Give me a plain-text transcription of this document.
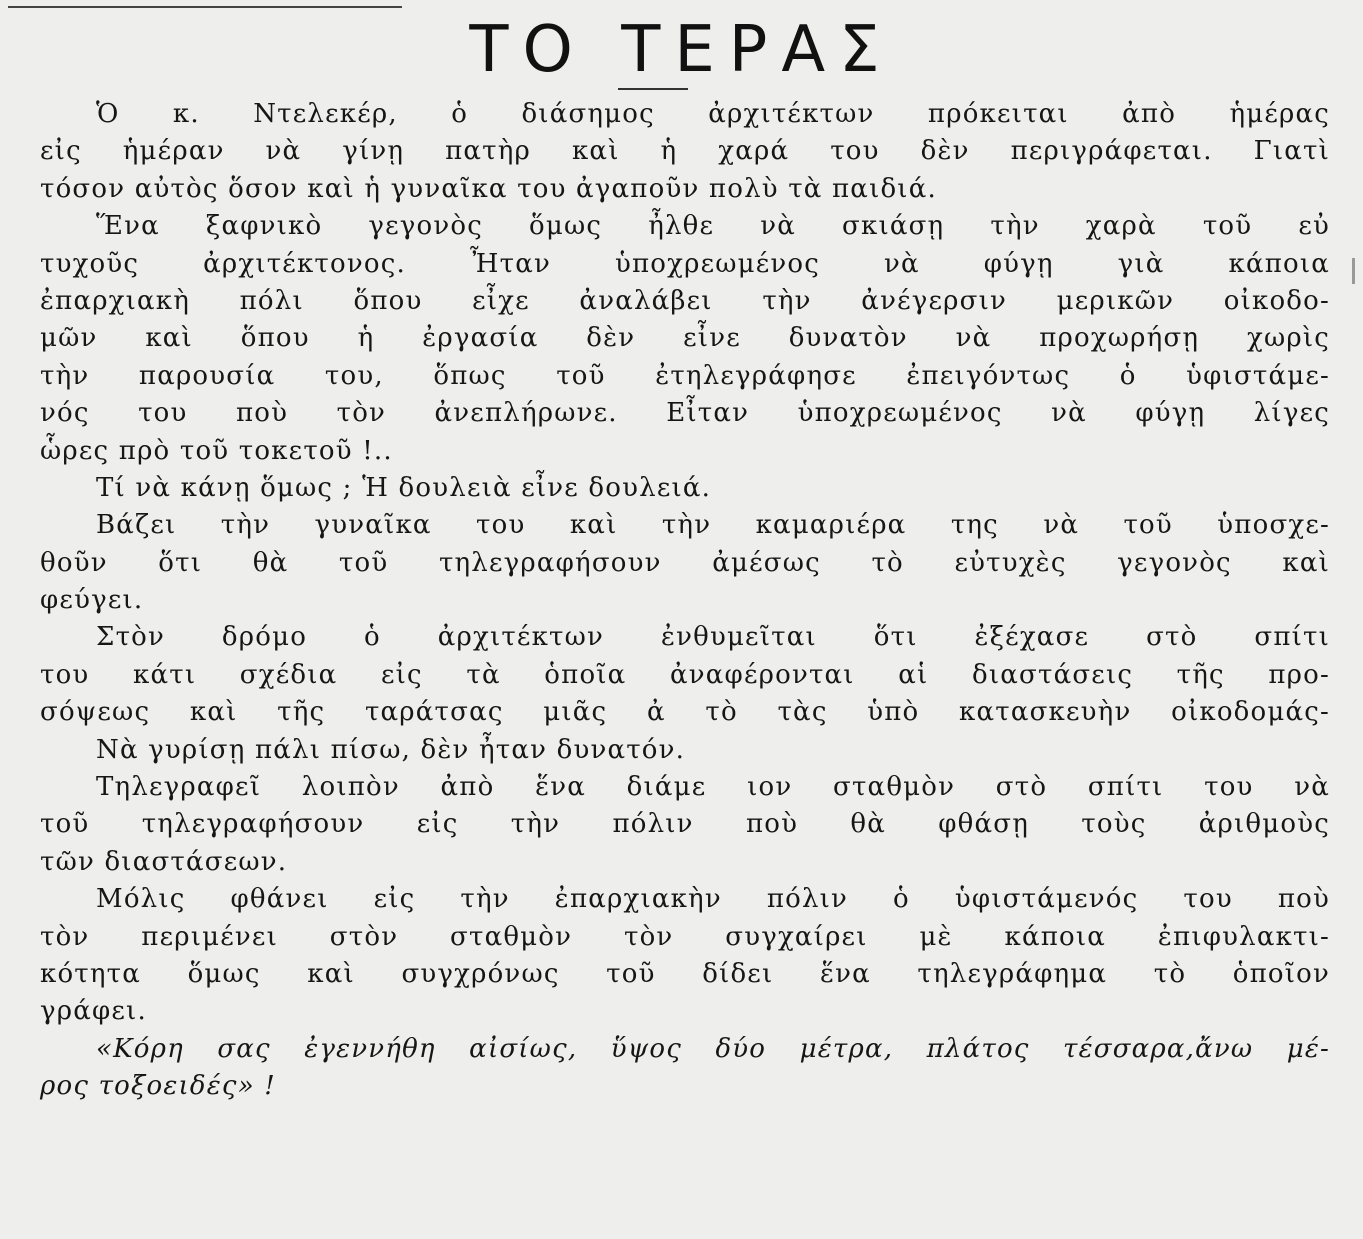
ΤΟ ΤΕΡΑΣ
Ὁ κ. Ντελεκέρ, ὁ διάσημος ἀρχιτέκτων πρόκειται ἀπὸ ἡμέρας
εἰς ἡμέραν νὰ γίνῃ πατὴρ καὶ ἡ χαρά του δὲν περιγράφεται. Γιατὶ
τόσον αὐτὸς ὅσον καὶ ἡ γυναῖκα του ἀγαποῦν πολὺ τὰ παιδιά.
Ἕνα ξαφνικὸ γεγονὸς ὅμως ἦλθε νὰ σκιάσῃ τὴν χαρὰ τοῦ εὐ
τυχοῦς ἀρχιτέκτονος. Ἦταν ὑποχρεωμένος νὰ φύγῃ γιὰ κάποια
ἐπαρχιακὴ πόλι ὅπου εἶχε ἀναλάβει τὴν ἀνέγερσιν μερικῶν οἰκοδο-
μῶν καὶ ὅπου ἡ ἐργασία δὲν εἶνε δυνατὸν νὰ προχωρήσῃ χωρὶς
τὴν παρουσία του, ὅπως τοῦ ἐτηλεγράφησε ἐπειγόντως ὁ ὑφιστάμε-
νός του ποὺ τὸν ἀνεπλήρωνε. Εἶταν ὑποχρεωμένος νὰ φύγῃ λίγες
ὧρες πρὸ τοῦ τοκετοῦ !..
Τί νὰ κάνῃ ὅμως ; Ἡ δουλειὰ εἶνε δουλειά.
Βάζει τὴν γυναῖκα του καὶ τὴν καμαριέρα της νὰ τοῦ ὑποσχε-
θοῦν ὅτι θὰ τοῦ τηλεγραφήσουν ἀμέσως τὸ εὐτυχὲς γεγονὸς καὶ
φεύγει.
Στὸν δρόμο ὁ ἀρχιτέκτων ἐνθυμεῖται ὅτι ἐξέχασε στὸ σπίτι
του κάτι σχέδια εἰς τὰ ὁποῖα ἀναφέρονται αἱ διαστάσεις τῆς προ-
σόψεως καὶ τῆς ταράτσας μιᾶς ἀ τὸ τὰς ὑπὸ κατασκευὴν οἰκοδομάς-
Νὰ γυρίσῃ πάλι πίσω, δὲν ἦταν δυνατόν.
Τηλεγραφεῖ λοιπὸν ἀπὸ ἕνα διάμε ιον σταθμὸν στὸ σπίτι του νὰ
τοῦ τηλεγραφήσουν εἰς τὴν πόλιν ποὺ θὰ φθάσῃ τοὺς ἀριθμοὺς
τῶν διαστάσεων.
Μόλις φθάνει εἰς τὴν ἐπαρχιακὴν πόλιν ὁ ὑφιστάμενός του ποὺ
τὸν περιμένει στὸν σταθμὸν τὸν συγχαίρει μὲ κάποια ἐπιφυλακτι-
κότητα ὅμως καὶ συγχρόνως τοῦ δίδει ἕνα τηλεγράφημα τὸ ὁποῖον
γράφει.
«Κόρη σας ἐγεννήθη αἰσίως, ὕψος δύο μέτρα, πλάτος τέσσαρα,ἄνω μέ-
ρος τοξοειδές» !
